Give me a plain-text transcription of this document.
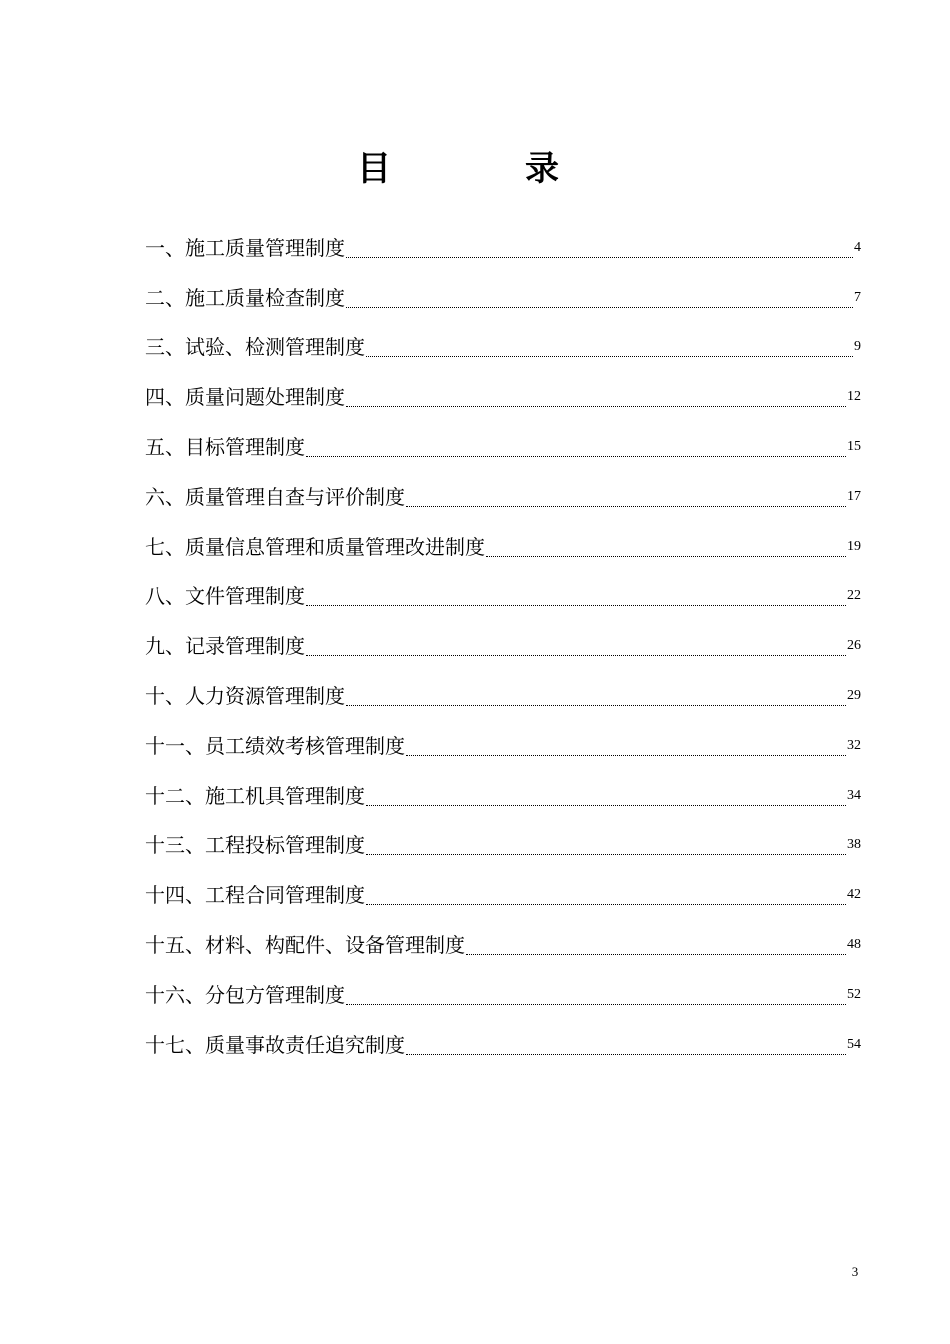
目　录
一、施工质量管理制度	4
二、施工质量检查制度	7
三、试验、检测管理制度	9
四、质量问题处理制度	12
五、目标管理制度	15
六、质量管理自查与评价制度	17
七、质量信息管理和质量管理改进制度	19
八、文件管理制度	22
九、记录管理制度	26
十、人力资源管理制度	29
十一、员工绩效考核管理制度	32
十二、施工机具管理制度	34
十三、工程投标管理制度	38
十四、工程合同管理制度	42
十五、材料、构配件、设备管理制度	48
十六、分包方管理制度	52
十七、质量事故责任追究制度	54
3
